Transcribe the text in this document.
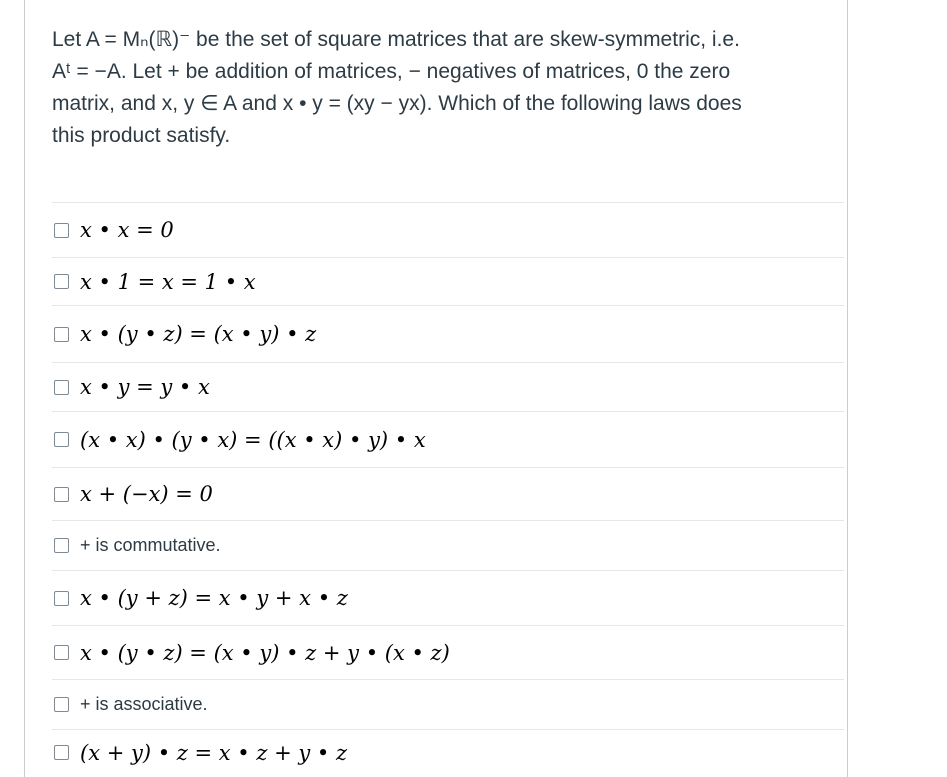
Let A = Mₙ(ℝ)⁻ be the set of square matrices that are skew-symmetric, i.e.
Aᵗ = −A. Let + be addition of matrices, − negatives of matrices, 0 the zero
matrix, and x, y ∈ A and x • y = (xy − yx). Which of the following laws does
this product satisfy.
x • x = 0
x • 1 = x = 1 • x
x • (y • z) = (x • y) • z
x • y = y • x
(x • x) • (y • x) = ((x • x) • y) • x
x + (−x) = 0
+ is commutative.
x • (y + z) = x • y + x • z
x • (y • z) = (x • y) • z + y • (x • z)
+ is associative.
(x + y) • z = x • z + y • z
